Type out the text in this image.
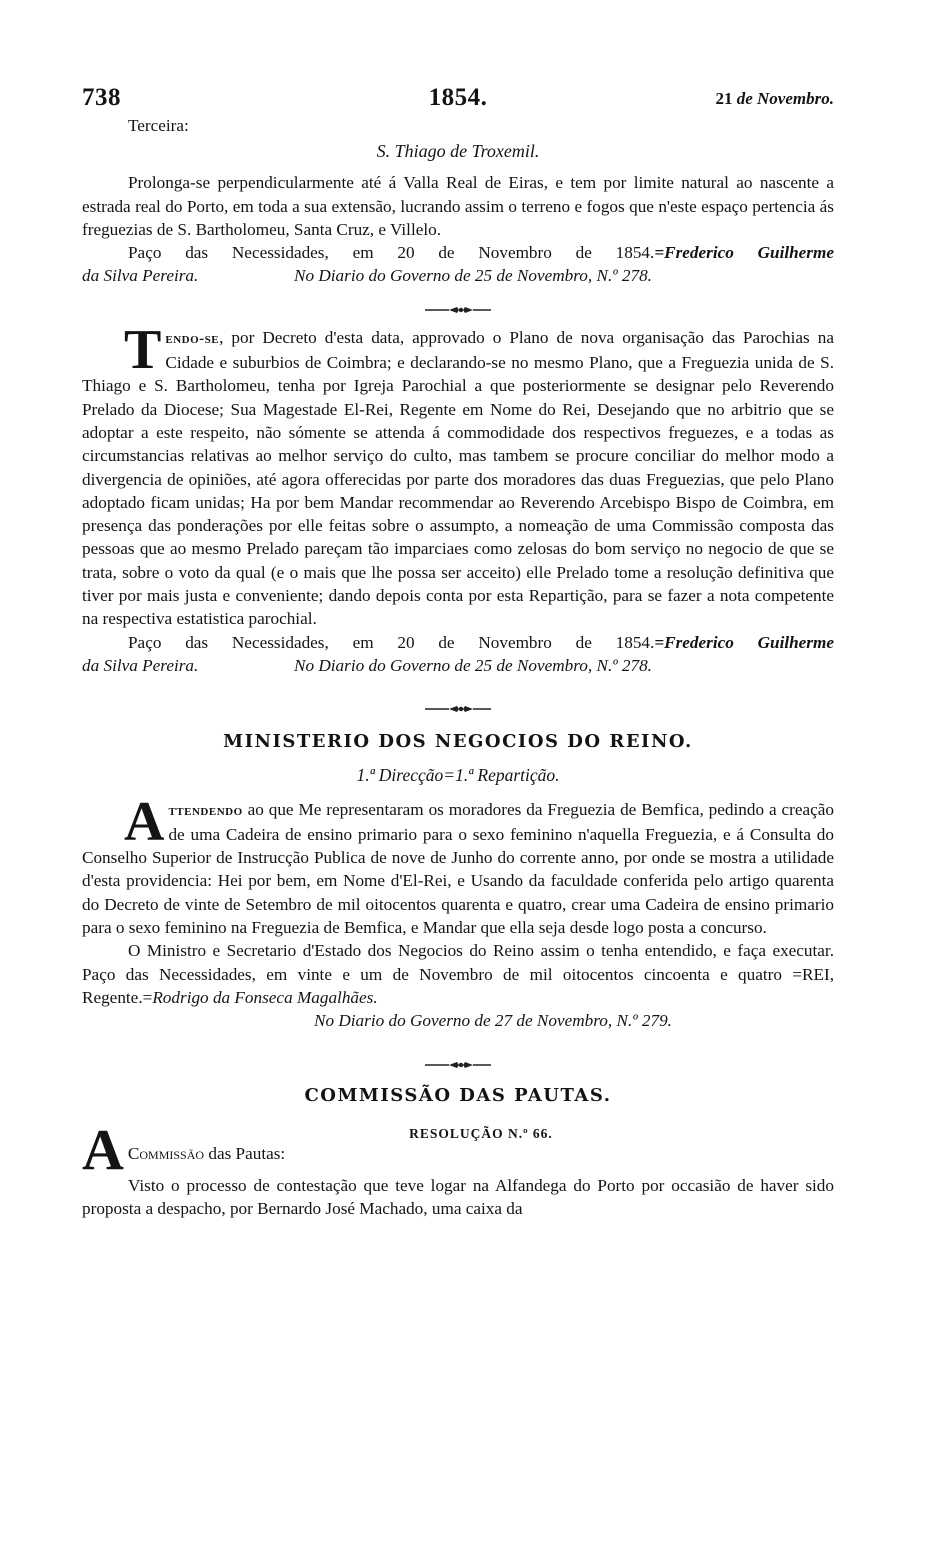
738	1854.	21 de Novembro.
Terceira:

S. Thiago de Troxemil.

Prolonga-se perpendicularmente até á Valla Real de Eiras, e tem por limite natural ao nascente a estrada real do Porto, em toda a sua extensão, lucrando assim o terreno e fogos que n'este espaço pertencia ás freguezias de S. Bartholomeu, Santa Cruz, e Villelo.

Paço das Necessidades, em 20 de Novembro de 1854.=Frederico Guilherme

da Silva Pereira.	No Diario do Governo de 25 de Novembro, N.º 278.

Tendo-se, por Decreto d'esta data, approvado o Plano de nova organisação das Parochias na Cidade e suburbios de Coimbra; e declarando-se no mesmo Plano, que a Freguezia unida de S. Thiago e S. Bartholomeu, tenha por Igreja Parochial a que posteriormente se designar pelo Reverendo Prelado da Diocese; Sua Magestade El-Rei, Regente em Nome do Rei, Desejando que no arbitrio que se adoptar a este respeito, não sómente se attenda á commodidade dos respectivos freguezes, e a todas as circumstancias relativas ao melhor serviço do culto, mas tambem se procure conciliar do melhor modo a divergencia de opiniões, até agora offerecidas por parte dos moradores das duas Freguezias, que pelo Plano adoptado ficam unidas; Ha por bem Mandar recommendar ao Reverendo Arcebispo Bispo de Coimbra, em presença das ponderações por elle feitas sobre o assumpto, a nomeação de uma Commissão composta das pessoas que ao mesmo Prelado pareçam tão imparciaes como zelosas do bom serviço no negocio de que se trata, sobre o voto da qual (e o mais que lhe possa ser acceito) elle Prelado tome a resolução definitiva que tiver por mais justa e conveniente; dando depois conta por esta Repartição, para se fazer a nota competente na respectiva estatistica parochial.

Paço das Necessidades, em 20 de Novembro de 1854.=Frederico Guilherme

da Silva Pereira.	No Diario do Governo de 25 de Novembro, N.º 278.
MINISTERIO DOS NEGOCIOS DO REINO.

1.ª Direcção=1.ª Repartição.

Attendendo ao que Me representaram os moradores da Freguezia de Bemfica, pedindo a creação de uma Cadeira de ensino primario para o sexo feminino n'aquella Freguezia, e á Consulta do Conselho Superior de Instrucção Publica de nove de Junho do corrente anno, por onde se mostra a utilidade d'esta providencia: Hei por bem, em Nome d'El-Rei, e Usando da faculdade conferida pelo artigo quarenta do Decreto de vinte de Setembro de mil oitocentos quarenta e quatro, crear uma Cadeira de ensino primario para o sexo feminino na Freguezia de Bemfica, e Mandar que ella seja desde logo posta a concurso.

O Ministro e Secretario d'Estado dos Negocios do Reino assim o tenha entendido, e faça executar. Paço das Necessidades, em vinte e um de Novembro de mil oitocentos cincoenta e quatro =REI, Regente.=Rodrigo da Fonseca Magalhães.

No Diario do Governo de 27 de Novembro, N.º 279.
COMMISSÃO DAS PAUTAS.
A	RESOLUÇÃO N.º 66.
Commissão das Pautas:

Visto o processo de contestação que teve logar na Alfandega do Porto por occasião de haver sido proposta a despacho, por Bernardo José Machado, uma caixa da
